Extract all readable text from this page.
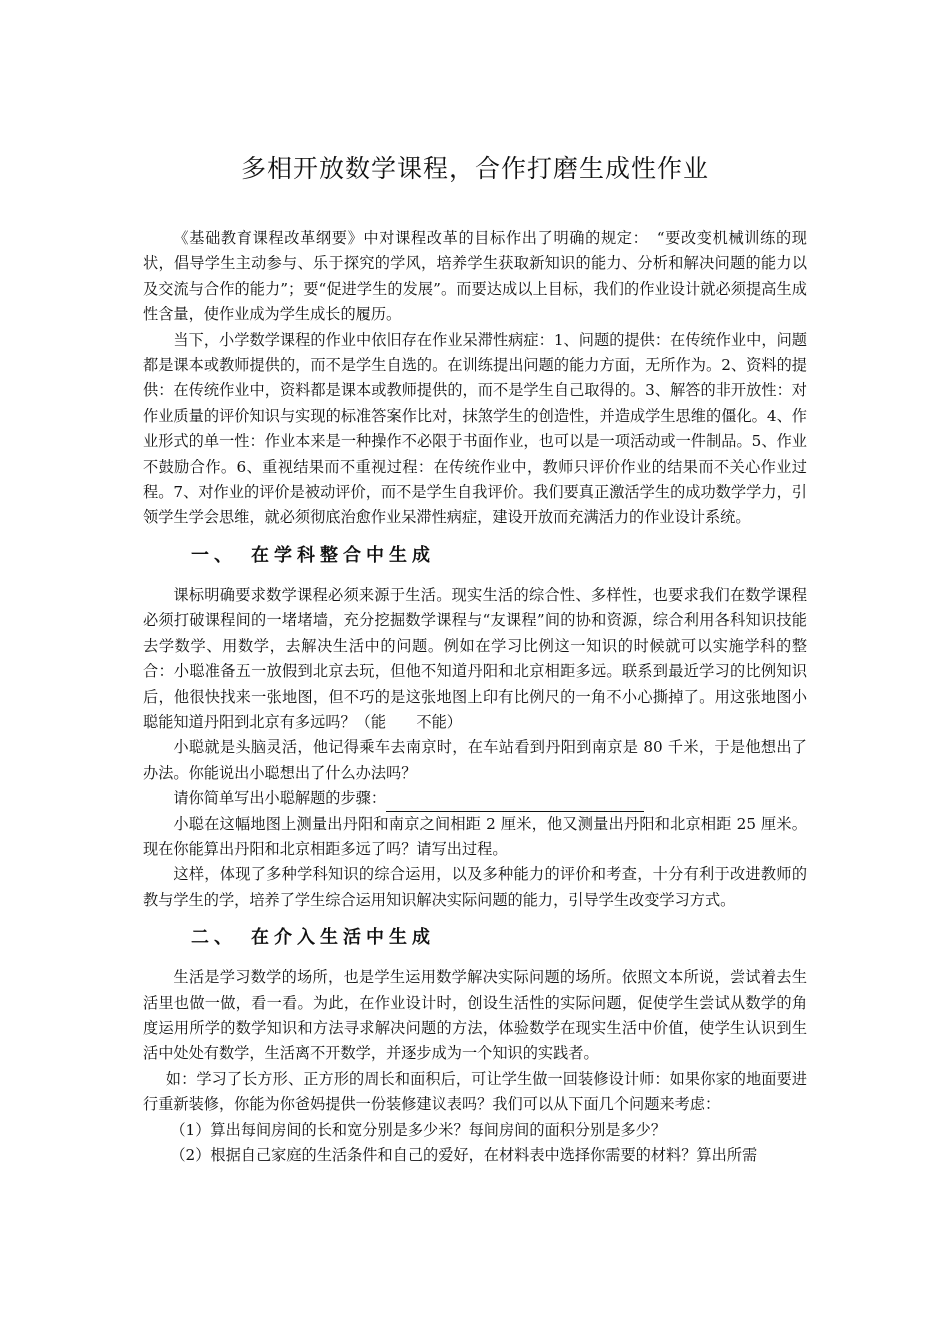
多相开放数学课程，合作打磨生成性作业

《基础教育课程改革纲要》中对课程改革的目标作出了明确的规定：　“要改变机械训练的现状，倡导学生主动参与、乐于探究的学风，培养学生获取新知识的能力、分析和解决问题的能力以及交流与合作的能力”；要“促进学生的发展”。而要达成以上目标，我们的作业设计就必须提高生成性含量，使作业成为学生成长的履历。

当下，小学数学课程的作业中依旧存在作业呆滞性病症：1、问题的提供：在传统作业中，问题都是课本或教师提供的，而不是学生自选的。在训练提出问题的能力方面，无所作为。2、资料的提供：在传统作业中，资料都是课本或教师提供的，而不是学生自己取得的。3、解答的非开放性：对作业质量的评价知识与实现的标准答案作比对，抹煞学生的创造性，并造成学生思维的僵化。4、作业形式的单一性：作业本来是一种操作不必限于书面作业，也可以是一项活动或一件制品。5、作业不鼓励合作。6、重视结果而不重视过程：在传统作业中，教师只评价作业的结果而不关心作业过程。7、对作业的评价是被动评价，而不是学生自我评价。我们要真正激活学生的成功数学学力，引领学生学会思维，就必须彻底治愈作业呆滞性病症，建设开放而充满活力的作业设计系统。

一、　在学科整合中生成

课标明确要求数学课程必须来源于生活。现实生活的综合性、多样性，也要求我们在数学课程必须打破课程间的一堵堵墙，充分挖掘数学课程与“友课程”间的协和资源，综合利用各科知识技能去学数学、用数学，去解决生活中的问题。例如在学习比例这一知识的时候就可以实施学科的整合：小聪准备五一放假到北京去玩，但他不知道丹阳和北京相距多远。联系到最近学习的比例知识后，他很快找来一张地图，但不巧的是这张地图上印有比例尺的一角不小心撕掉了。用这张地图小聪能知道丹阳到北京有多远吗？（能　　不能）

小聪就是头脑灵活，他记得乘车去南京时，在车站看到丹阳到南京是 80 千米，于是他想出了办法。你能说出小聪想出了什么办法吗？

请你简单写出小聪解题的步骤：

小聪在这幅地图上测量出丹阳和南京之间相距 2 厘米，他又测量出丹阳和北京相距 25 厘米。现在你能算出丹阳和北京相距多远了吗？请写出过程。

这样，体现了多种学科知识的综合运用，以及多种能力的评价和考查，十分有利于改进教师的教与学生的学，培养了学生综合运用知识解决实际问题的能力，引导学生改变学习方式。

二、　在介入生活中生成

生活是学习数学的场所，也是学生运用数学解决实际问题的场所。依照文本所说，尝试着去生活里也做一做，看一看。为此，在作业设计时，创设生活性的实际问题，促使学生尝试从数学的角度运用所学的数学知识和方法寻求解决问题的方法，体验数学在现实生活中价值，使学生认识到生活中处处有数学，生活离不开数学，并逐步成为一个知识的实践者。

如：学习了长方形、正方形的周长和面积后，可让学生做一回装修设计师：如果你家的地面要进行重新装修，你能为你爸妈提供一份装修建议表吗？我们可以从下面几个问题来考虑：

（1）算出每间房间的长和宽分别是多少米？每间房间的面积分别是多少？

（2）根据自己家庭的生活条件和自己的爱好，在材料表中选择你需要的材料？算出所需
